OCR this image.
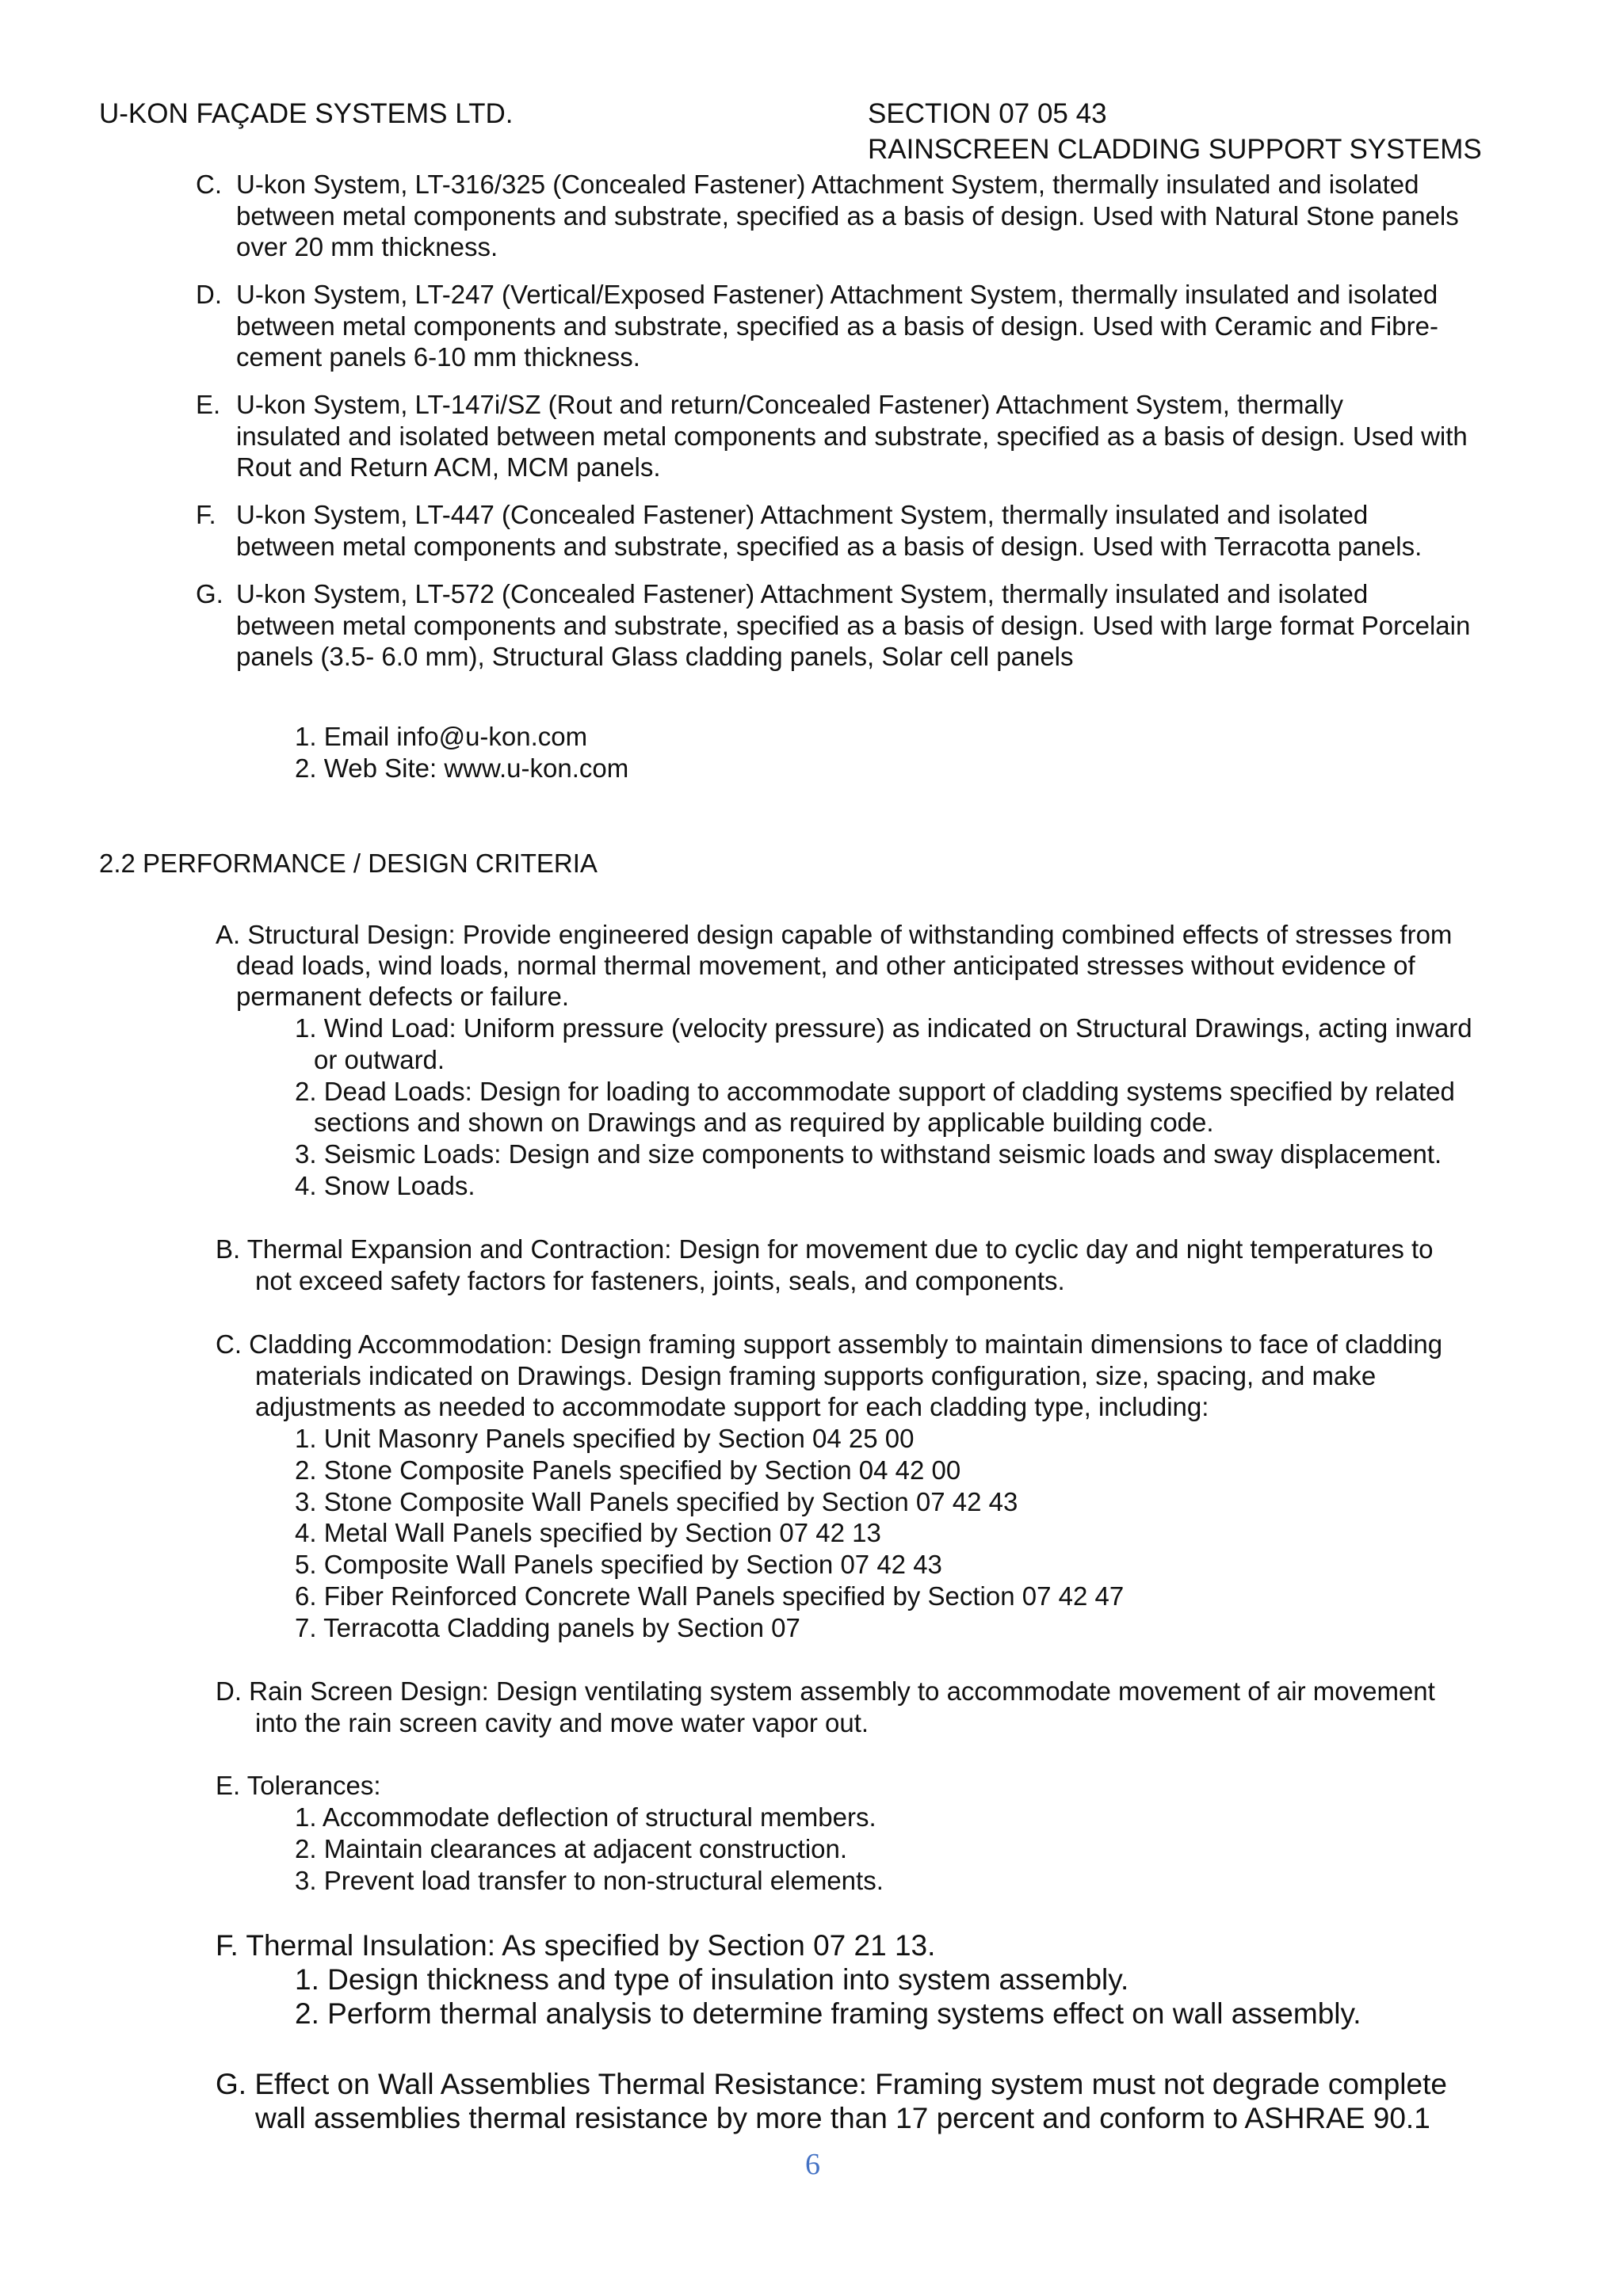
U-KON FAÇADE SYSTEMS LTD.	SECTION 07 05 43
RAINSCREEN CLADDING SUPPORT SYSTEMS
C. U-kon System, LT-316/325 (Concealed Fastener) Attachment System, thermally insulated and isolated
between metal components and substrate, specified as a basis of design. Used with Natural Stone panels
over 20 mm thickness.
D. U-kon System, LT-247 (Vertical/Exposed Fastener) Attachment System, thermally insulated and isolated
between metal components and substrate, specified as a basis of design. Used with Ceramic and Fibre-
cement panels 6-10 mm thickness.
E. U-kon System, LT-147i/SZ (Rout and return/Concealed Fastener) Attachment System, thermally
insulated and isolated between metal components and substrate, specified as a basis of design. Used with
Rout and Return ACM, MCM panels.
F. U-kon System, LT-447 (Concealed Fastener) Attachment System, thermally insulated and isolated
between metal components and substrate, specified as a basis of design. Used with Terracotta panels.
G. U-kon System, LT-572 (Concealed Fastener) Attachment System, thermally insulated and isolated
between metal components and substrate, specified as a basis of design. Used with large format Porcelain
panels (3.5- 6.0 mm), Structural Glass cladding panels, Solar cell panels
1. Email info@u-kon.com
2. Web Site: www.u-kon.com
2.2 PERFORMANCE / DESIGN CRITERIA
A. Structural Design: Provide engineered design capable of withstanding combined effects of stresses from
dead loads, wind loads, normal thermal movement, and other anticipated stresses without evidence of
permanent defects or failure.
1. Wind Load: Uniform pressure (velocity pressure) as indicated on Structural Drawings, acting inward
or outward.
2. Dead Loads: Design for loading to accommodate support of cladding systems specified by related
sections and shown on Drawings and as required by applicable building code.
3. Seismic Loads: Design and size components to withstand seismic loads and sway displacement.
4. Snow Loads.
B. Thermal Expansion and Contraction: Design for movement due to cyclic day and night temperatures to
not exceed safety factors for fasteners, joints, seals, and components.
C. Cladding Accommodation: Design framing support assembly to maintain dimensions to face of cladding
materials indicated on Drawings. Design framing supports configuration, size, spacing, and make
adjustments as needed to accommodate support for each cladding type, including:
1. Unit Masonry Panels specified by Section 04 25 00
2. Stone Composite Panels specified by Section 04 42 00
3. Stone Composite Wall Panels specified by Section 07 42 43
4. Metal Wall Panels specified by Section 07 42 13
5. Composite Wall Panels specified by Section 07 42 43
6. Fiber Reinforced Concrete Wall Panels specified by Section 07 42 47
7. Terracotta Cladding panels by Section 07
D. Rain Screen Design: Design ventilating system assembly to accommodate movement of air movement
into the rain screen cavity and move water vapor out.
E. Tolerances:
1. Accommodate deflection of structural members.
2. Maintain clearances at adjacent construction.
3. Prevent load transfer to non-structural elements.
F. Thermal Insulation: As specified by Section 07 21 13.
1. Design thickness and type of insulation into system assembly.
2. Perform thermal analysis to determine framing systems effect on wall assembly.
G. Effect on Wall Assemblies Thermal Resistance: Framing system must not degrade complete
wall assemblies thermal resistance by more than 17 percent and conform to ASHRAE 90.1
6
